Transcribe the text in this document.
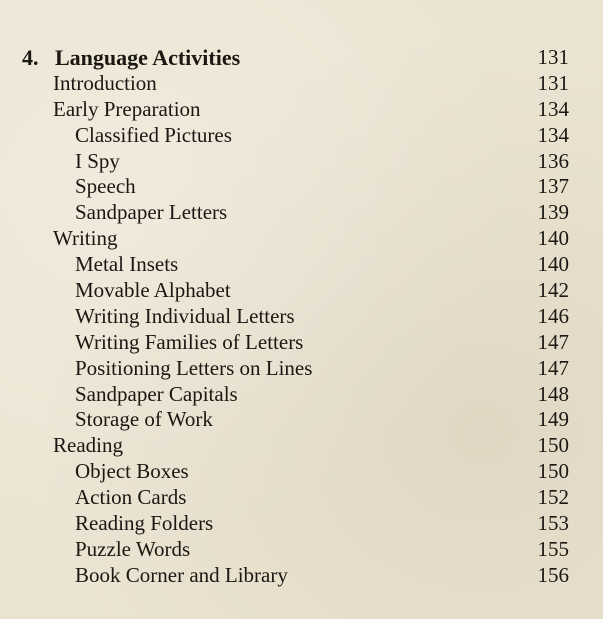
4. Language Activities	131
Introduction	131
Early Preparation	134
Classified Pictures	134
I Spy	136
Speech	137
Sandpaper Letters	139
Writing	140
Metal Insets	140
Movable Alphabet	142
Writing Individual Letters	146
Writing Families of Letters	147
Positioning Letters on Lines	147
Sandpaper Capitals	148
Storage of Work	149
Reading	150
Object Boxes	150
Action Cards	152
Reading Folders	153
Puzzle Words	155
Book Corner and Library	156
